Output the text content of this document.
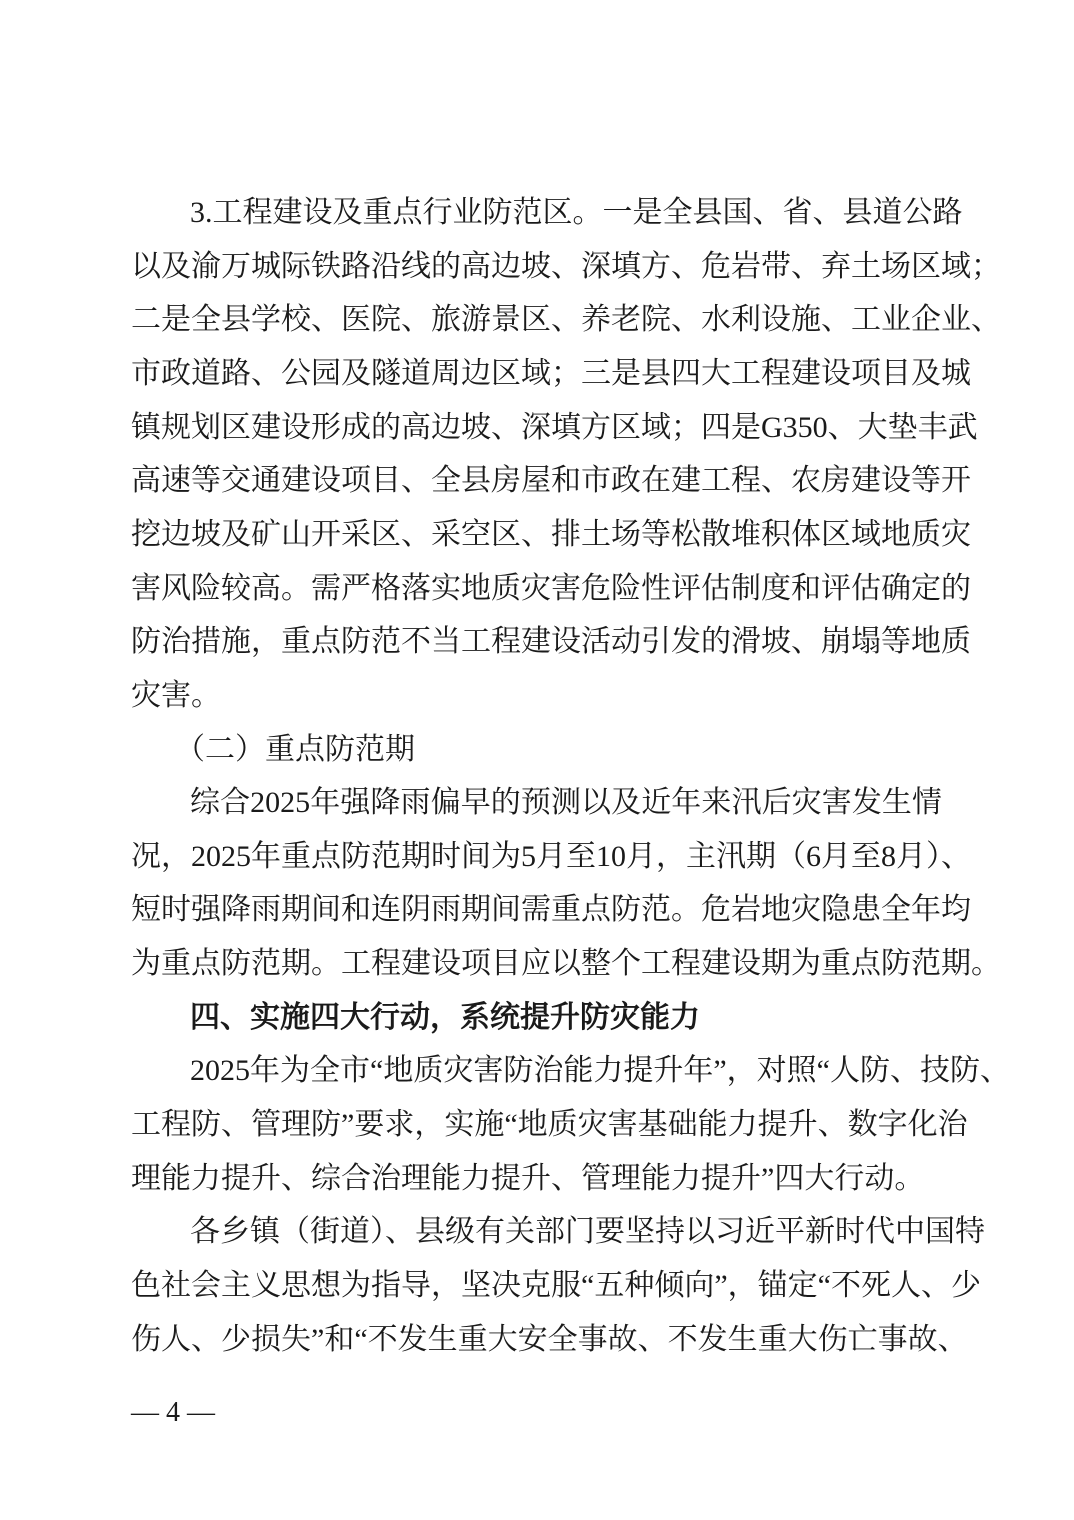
3.工程建设及重点行业防范区。一是全县国、省、县道公路
以及渝万城际铁路沿线的高边坡、深填方、危岩带、弃土场区域；
二是全县学校、医院、旅游景区、养老院、水利设施、工业企业、
市政道路、公园及隧道周边区域；三是县四大工程建设项目及城
镇规划区建设形成的高边坡、深填方区域；四是G350、大垫丰武
高速等交通建设项目、全县房屋和市政在建工程、农房建设等开
挖边坡及矿山开采区、采空区、排土场等松散堆积体区域地质灾
害风险较高。需严格落实地质灾害危险性评估制度和评估确定的
防治措施，重点防范不当工程建设活动引发的滑坡、崩塌等地质
灾害。
（二）重点防范期
综合2025年强降雨偏早的预测以及近年来汛后灾害发生情
况，2025年重点防范期时间为5月至10月，主汛期（6月至8月）、
短时强降雨期间和连阴雨期间需重点防范。危岩地灾隐患全年均
为重点防范期。工程建设项目应以整个工程建设期为重点防范期。
四、实施四大行动，系统提升防灾能力
2025年为全市“地质灾害防治能力提升年”，对照“人防、技防、
工程防、管理防”要求，实施“地质灾害基础能力提升、数字化治
理能力提升、综合治理能力提升、管理能力提升”四大行动。
各乡镇（街道）、县级有关部门要坚持以习近平新时代中国特
色社会主义思想为指导，坚决克服“五种倾向”，锚定“不死人、少
伤人、少损失”和“不发生重大安全事故、不发生重大伤亡事故、
— 4 —
